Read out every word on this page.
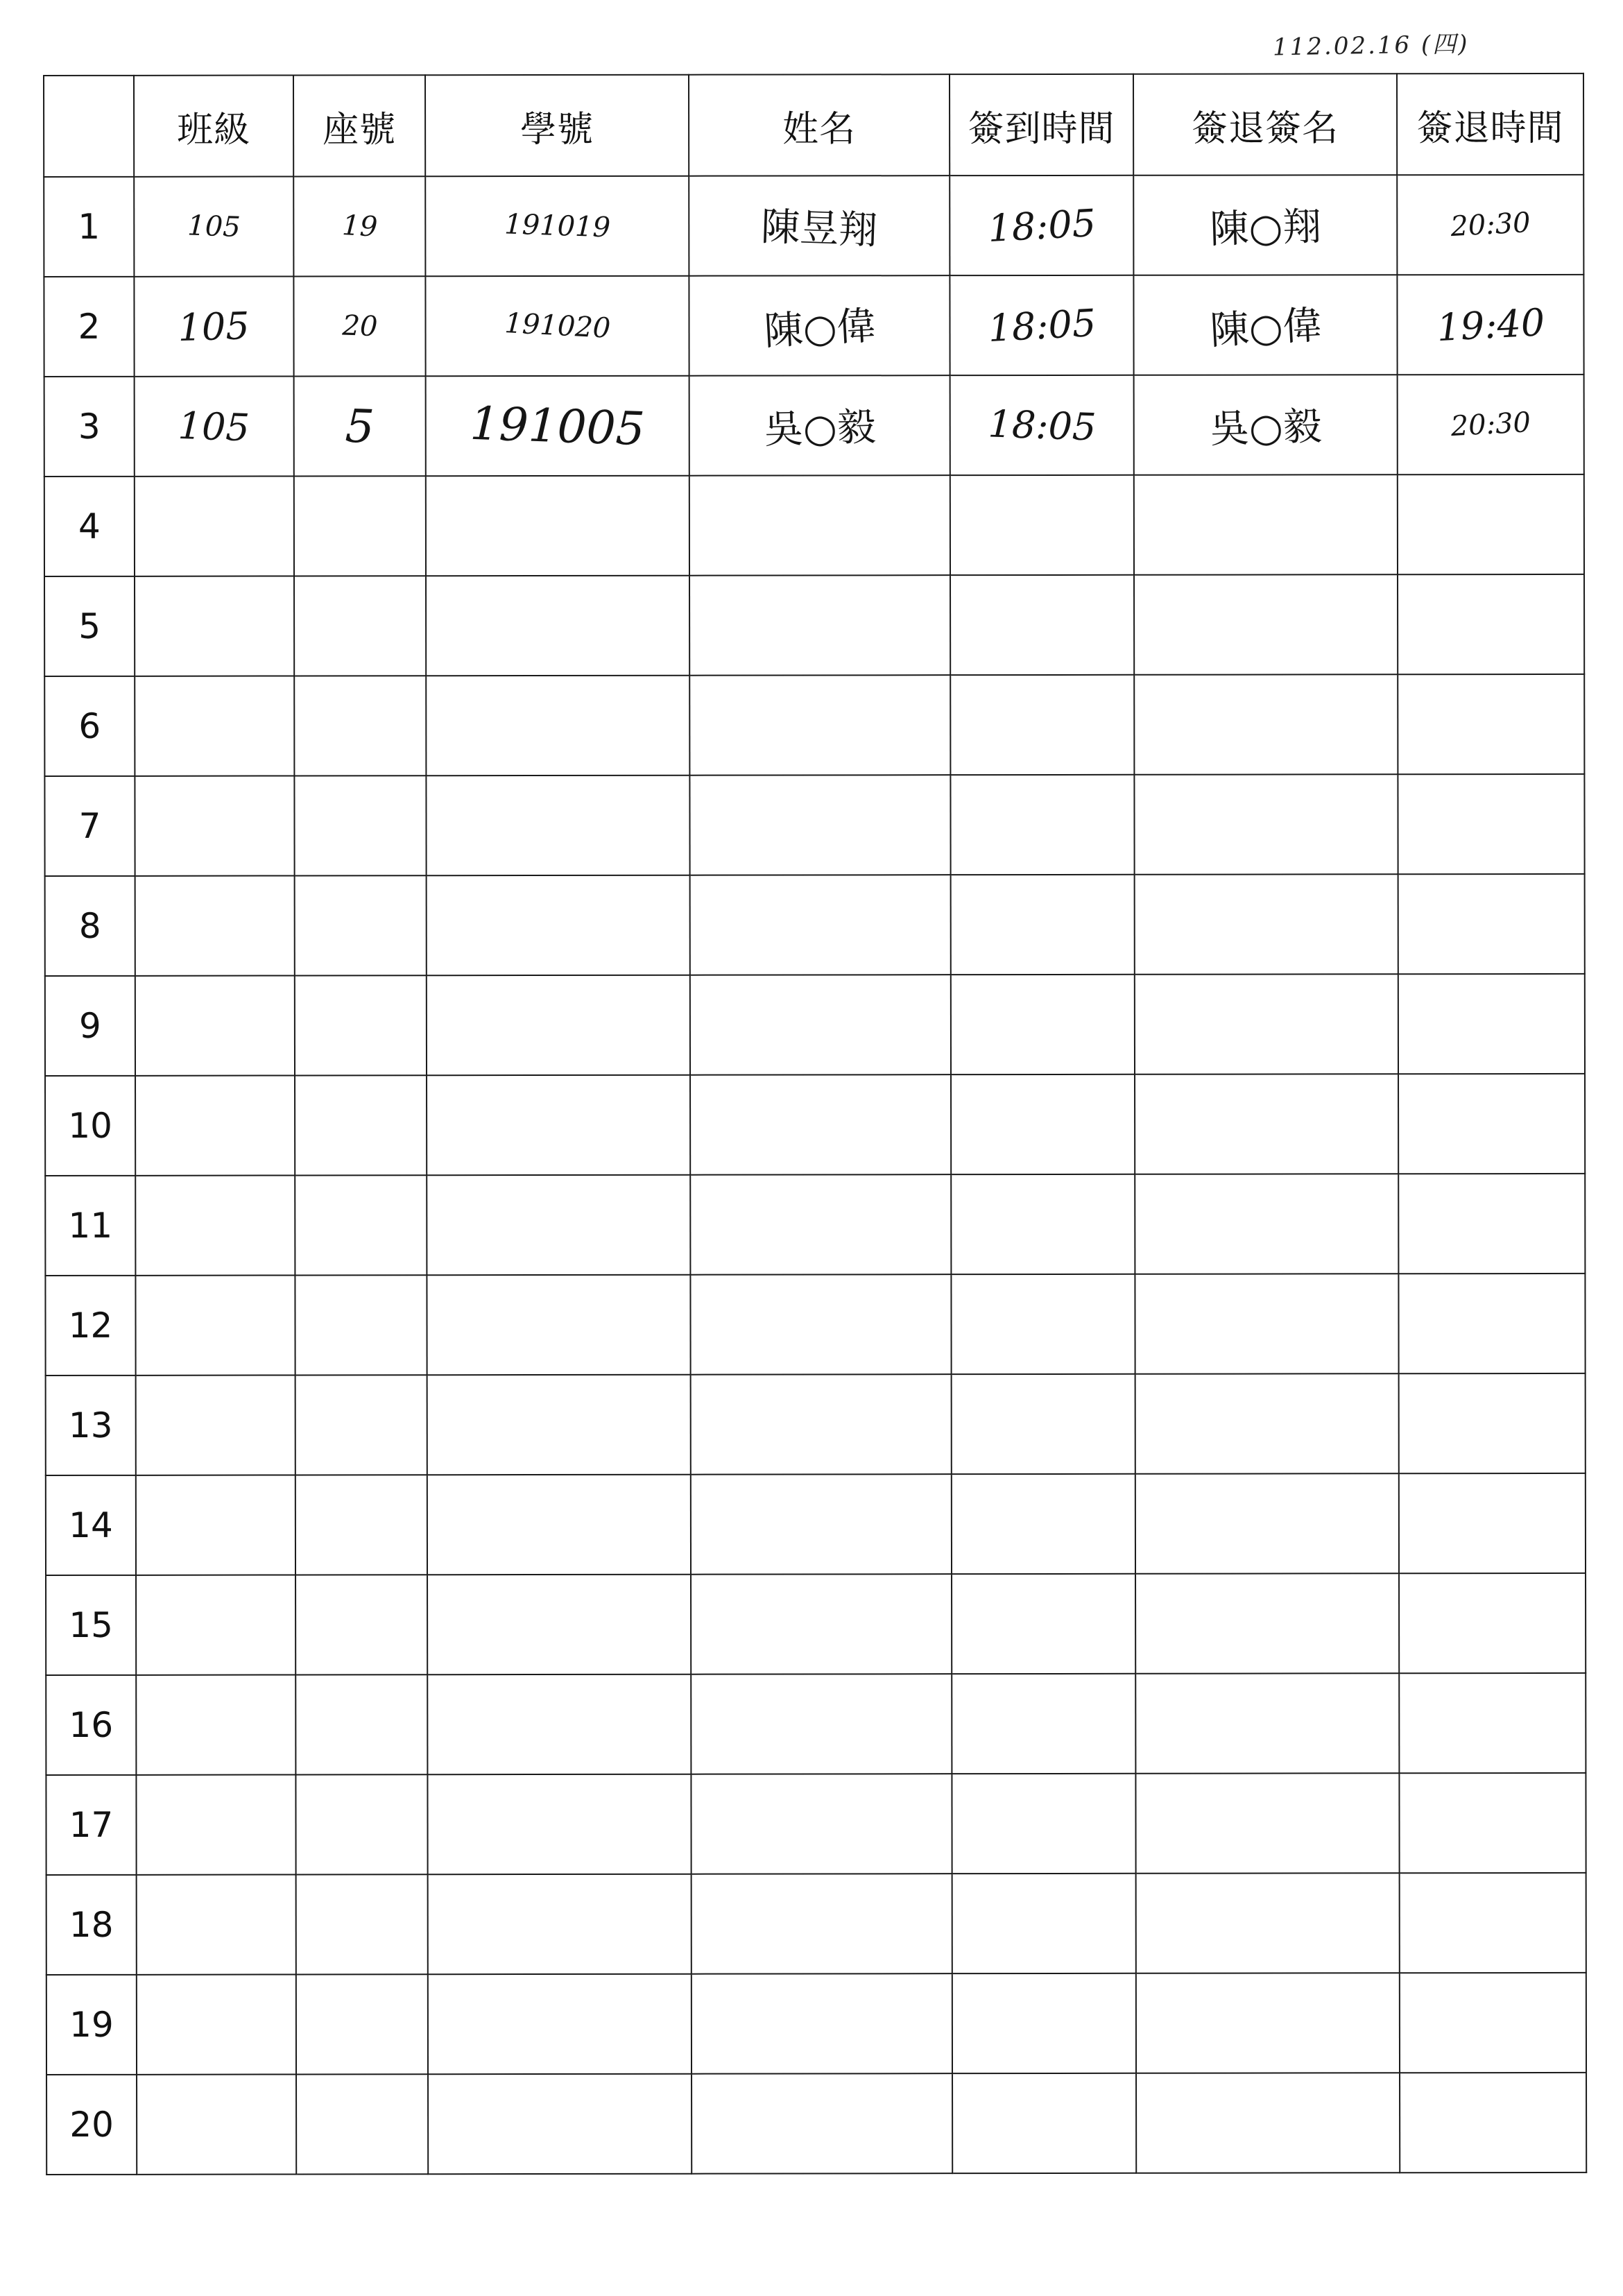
112.02.16 (四)
	班級	座號	學號	姓名	簽到時間	簽退簽名	簽退時間
1	105	19	191019	陳昱翔	18:05	陳○翔	20:30
2	105	20	191020	陳○偉	18:05	陳○偉	19:40
3	105	5	191005	吳○毅	18:05	吳○毅	20:30
4							
5							
6							
7							
8							
9							
10							
11							
12							
13							
14							
15							
16							
17							
18							
19							
20							
